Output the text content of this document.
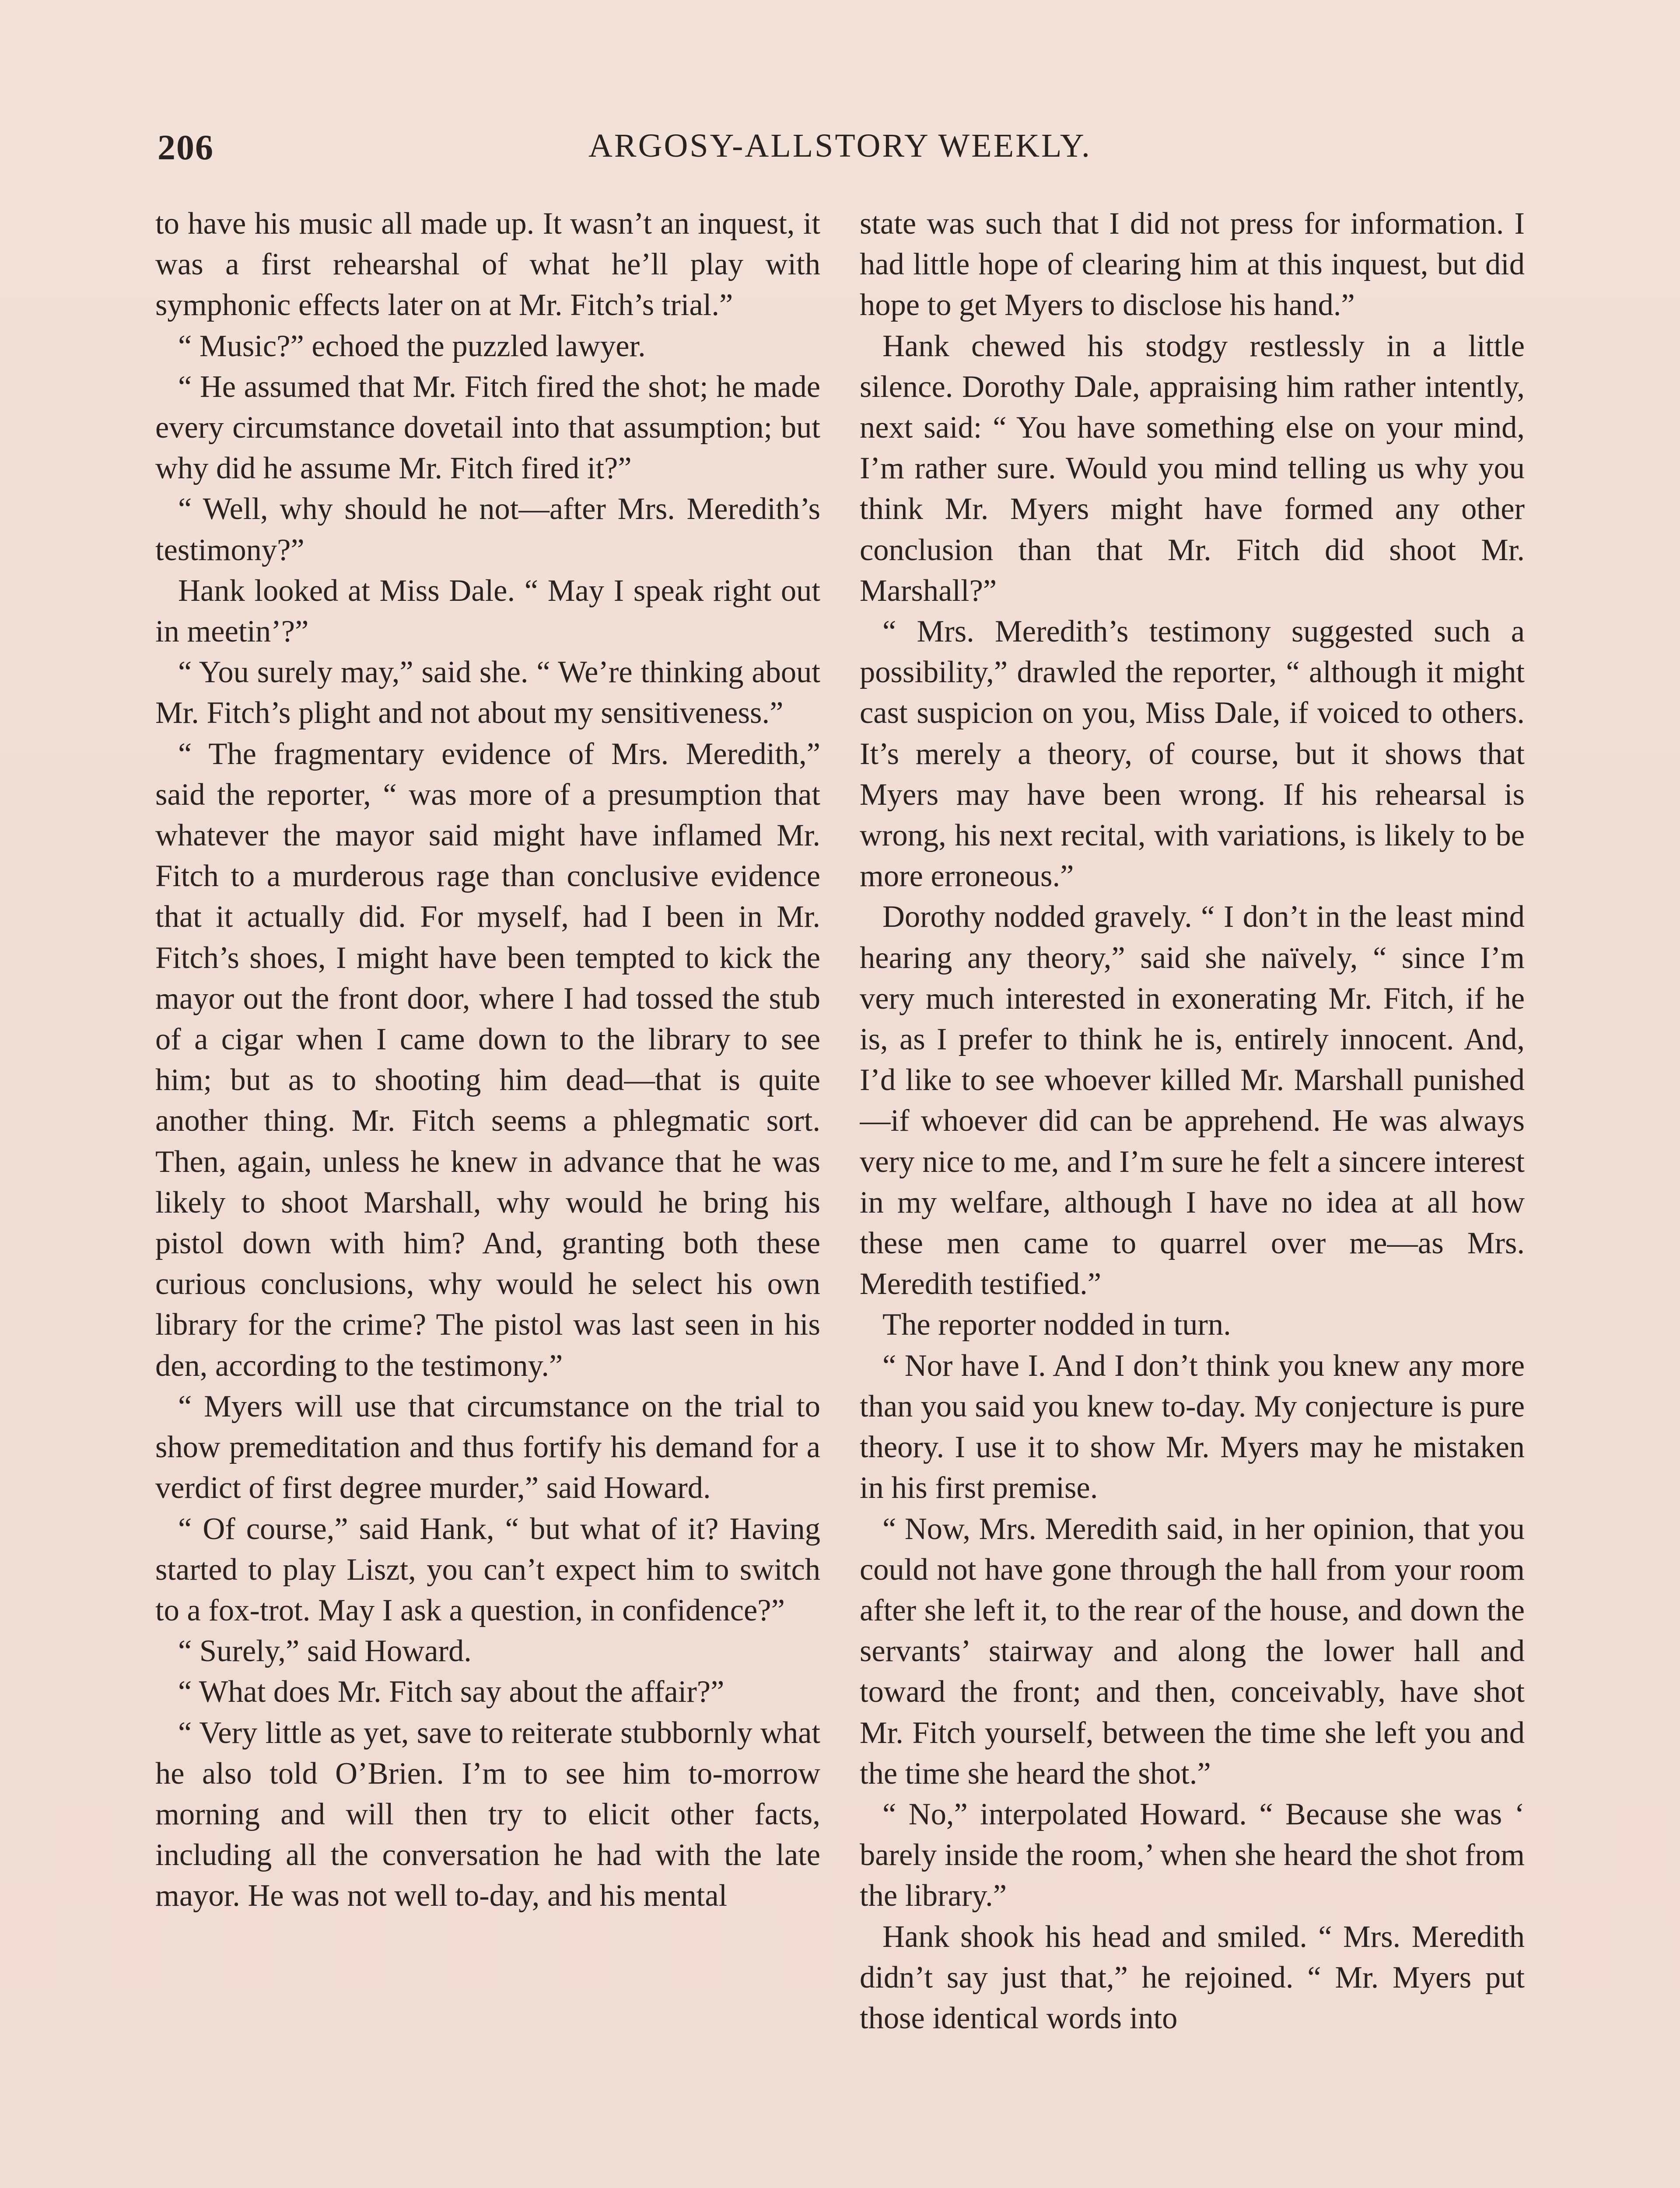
206	ARGOSY-ALLSTORY WEEKLY.

to have his music all made up. It wasn’t an inquest, it was a first rehearshal of what he’ll play with symphonic effects later on at Mr. Fitch’s trial.”

“ Music?” echoed the puzzled lawyer.

“ He assumed that Mr. Fitch fired the shot; he made every circumstance dovetail into that assumption; but why did he assume Mr. Fitch fired it?”

“ Well, why should he not—after Mrs. Meredith’s testimony?”

Hank looked at Miss Dale. “ May I speak right out in meetin’?”

“ You surely may,” said she. “ We’re thinking about Mr. Fitch’s plight and not about my sensitiveness.”

“ The fragmentary evidence of Mrs. Meredith,” said the reporter, “ was more of a presumption that whatever the mayor said might have inflamed Mr. Fitch to a murderous rage than conclusive evidence that it actually did. For myself, had I been in Mr. Fitch’s shoes, I might have been tempted to kick the mayor out the front door, where I had tossed the stub of a cigar when I came down to the library to see him; but as to shooting him dead—that is quite another thing. Mr. Fitch seems a phlegmatic sort. Then, again, unless he knew in advance that he was likely to shoot Marshall, why would he bring his pistol down with him? And, granting both these curious conclusions, why would he select his own library for the crime? The pistol was last seen in his den, according to the testimony.”

“ Myers will use that circumstance on the trial to show premeditation and thus fortify his demand for a verdict of first degree murder,” said Howard.

“ Of course,” said Hank, “ but what of it? Having started to play Liszt, you can’t expect him to switch to a fox-trot. May I ask a question, in confidence?”

“ Surely,” said Howard.

“ What does Mr. Fitch say about the affair?”

“ Very little as yet, save to reiterate stubbornly what he also told O’Brien. I’m to see him to-morrow morning and will then try to elicit other facts, including all the conversation he had with the late mayor. He was not well to-day, and his mental

state was such that I did not press for information. I had little hope of clearing him at this inquest, but did hope to get Myers to disclose his hand.”

Hank chewed his stodgy restlessly in a little silence. Dorothy Dale, appraising him rather intently, next said: “ You have something else on your mind, I’m rather sure. Would you mind telling us why you think Mr. Myers might have formed any other conclusion than that Mr. Fitch did shoot Mr. Marshall?”

“ Mrs. Meredith’s testimony suggested such a possibility,” drawled the reporter, “ although it might cast suspicion on you, Miss Dale, if voiced to others. It’s merely a theory, of course, but it shows that Myers may have been wrong. If his rehearsal is wrong, his next recital, with variations, is likely to be more erroneous.”

Dorothy nodded gravely. “ I don’t in the least mind hearing any theory,” said she naïvely, “ since I’m very much interested in exonerating Mr. Fitch, if he is, as I prefer to think he is, entirely innocent. And, I’d like to see whoever killed Mr. Marshall punished—if whoever did can be apprehend. He was always very nice to me, and I’m sure he felt a sincere interest in my welfare, although I have no idea at all how these men came to quarrel over me—as Mrs. Meredith testified.”

The reporter nodded in turn.

“ Nor have I. And I don’t think you knew any more than you said you knew to-day. My conjecture is pure theory. I use it to show Mr. Myers may he mistaken in his first premise.

“ Now, Mrs. Meredith said, in her opinion, that you could not have gone through the hall from your room after she left it, to the rear of the house, and down the servants’ stairway and along the lower hall and toward the front; and then, conceivably, have shot Mr. Fitch yourself, between the time she left you and the time she heard the shot.”

“ No,” interpolated Howard. “ Because she was ‘ barely inside the room,’ when she heard the shot from the library.”

Hank shook his head and smiled. “ Mrs. Meredith didn’t say just that,” he rejoined. “ Mr. Myers put those identical words into
